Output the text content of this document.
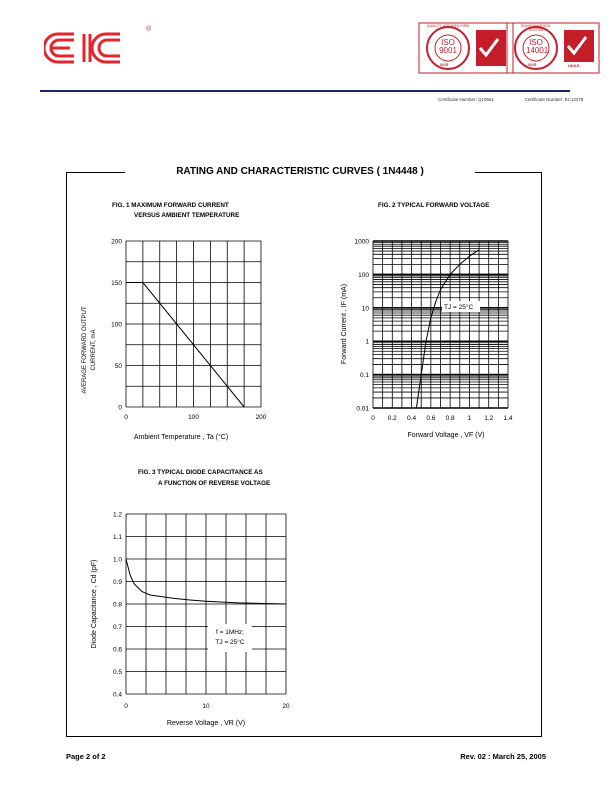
®
ISO
9001
QUALITY ASSURED FIRM
SGS
Certificate Number: Q10561
ISO
14001
ENVIRONMENTAL SYSTEM
SGS	UKAS
Certificate Number: EC12278
RATING AND CHARACTERISTIC CURVES ( 1N4448 )
FIG. 1 MAXIMUM FORWARD CURRENT
VERSUS AMBIENT TEMPERATURE
FIG. 2 TYPICAL FORWARD VOLTAGE
FIG. 3 TYPICAL DIODE CAPACITANCE AS
A FUNCTION OF REVERSE VOLTAGE
0
50
100
150
200
0	100	200
Ambient Temperature , Ta (°C)
AVERAGE FORWARD OUTPUT CURRENT, mA
0.01
0.1
1
10
100
1000
0 0.2 0.4 0.6 0.8 1 1.2 1.4
TJ = 25°C
Forward Voltage , VF (V)
Forward Current , IF (mA)
0.4
0.5
0.6
0.7
0.8
0.9
1.0
1.1
1.2
0	10	20
f = 1MHz;
TJ = 25°C
Reverse Voltage , VR (V)
Diode Capacitance , Cd (pF)
Page 2 of 2	Rev. 02 : March 25, 2005
